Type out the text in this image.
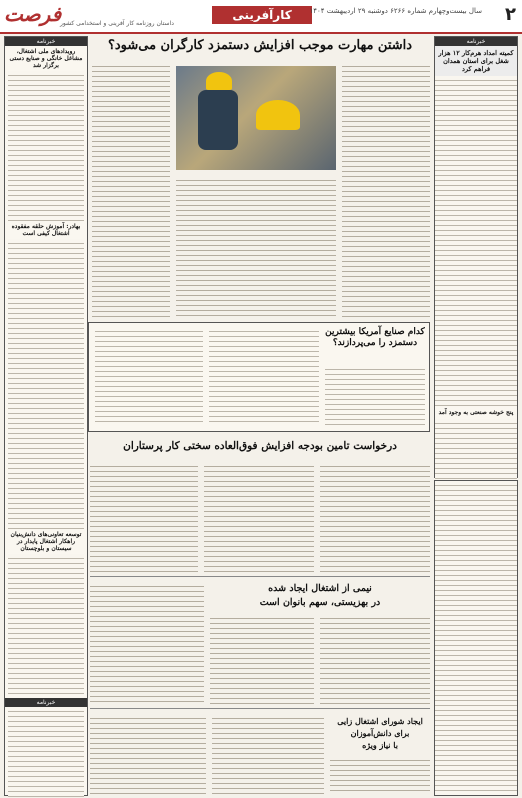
۲
کارآفرینی	سال بیست‌وچهارم شماره ۶۲۶۶ دوشنبه ۲۹ اردیبهشت ۱۴۰۴
داستان روزنامه کار آفرینی و استخدامی کشور
فرصت
خبرنامه
کمیته امداد هرم‌کار ۱۲ هزار شغل برای استان همدان فراهم کرد
پنج خوشه صنعتی به‌ وجود آمد
داشتن مهارت موجب افزایش دستمزد کارگران می‌شود؟
خبرنامه
رویدادهای ملی اشتغال، مشاغل خانگی و صنایع دستی برگزار شد
بهادر: آموزش حلقه مفقوده اشتغال کیفی است
توسعه تعاونی‌های دانش‌بنیان راهکار اشتغال پایدار در سیستان و بلوچستان
خبرنامه
کدام صنایع آمریکا بیشترین دستمزد را می‌پردازند؟
درخواست تامین بودجه افزایش فوق‌العاده سختی کار پرستاران
نیمی از اشتغال ایجاد شده
در بهزیستی، سهم بانوان است
ایجاد شورای اشتغال زایی
برای دانش‌آموزان
با نیاز ویژه
